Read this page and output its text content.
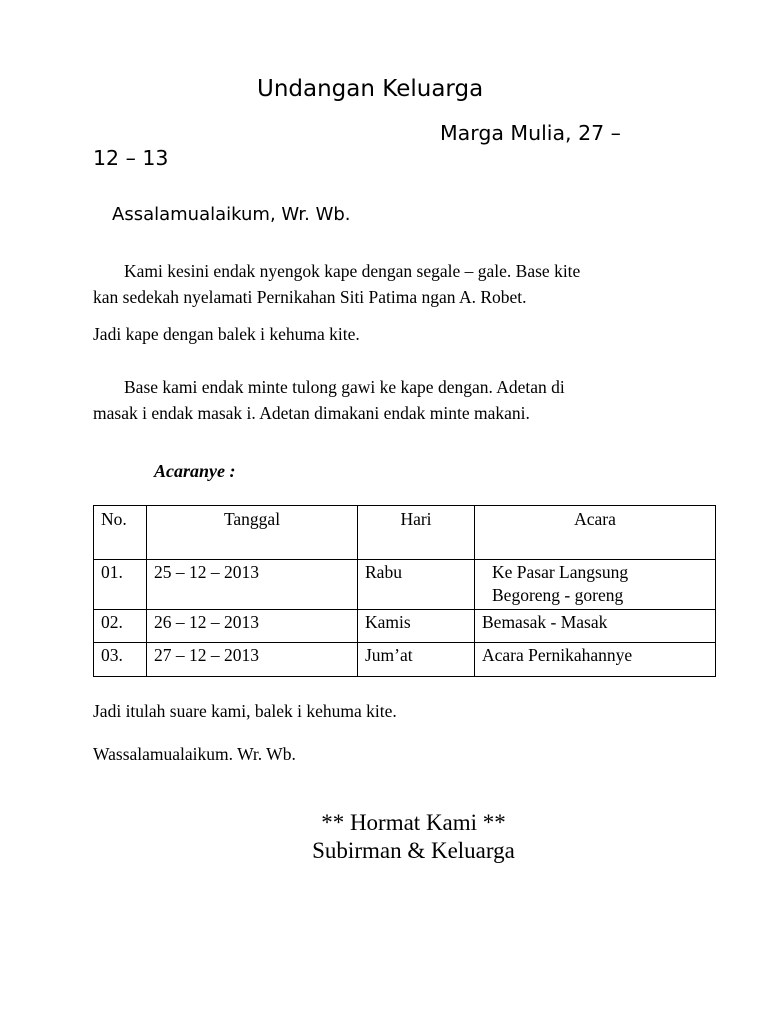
Undangan Keluarga
Marga Mulia, 27 –
12 – 13
Assalamualaikum, Wr. Wb.
Kami kesini endak nyengok kape dengan segale – gale. Base kite
kan sedekah nyelamati Pernikahan Siti Patima ngan A. Robet.
Jadi kape dengan balek i kehuma kite.
Base kami endak minte tulong gawi ke kape dengan. Adetan di
masak i endak masak i. Adetan dimakani endak minte makani.
Acaranye :
No.	Tanggal	Hari	Acara
01.	25 – 12 – 2013	Rabu	Ke Pasar Langsung
Begoreng - goreng

02.	26 – 12 – 2013	Kamis	Bemasak - Masak
03.	27 – 12 – 2013	Jum’at	Acara Pernikahannye
Jadi itulah suare kami, balek i kehuma kite.
Wassalamualaikum. Wr. Wb.
** Hormat Kami **
Subirman & Keluarga
